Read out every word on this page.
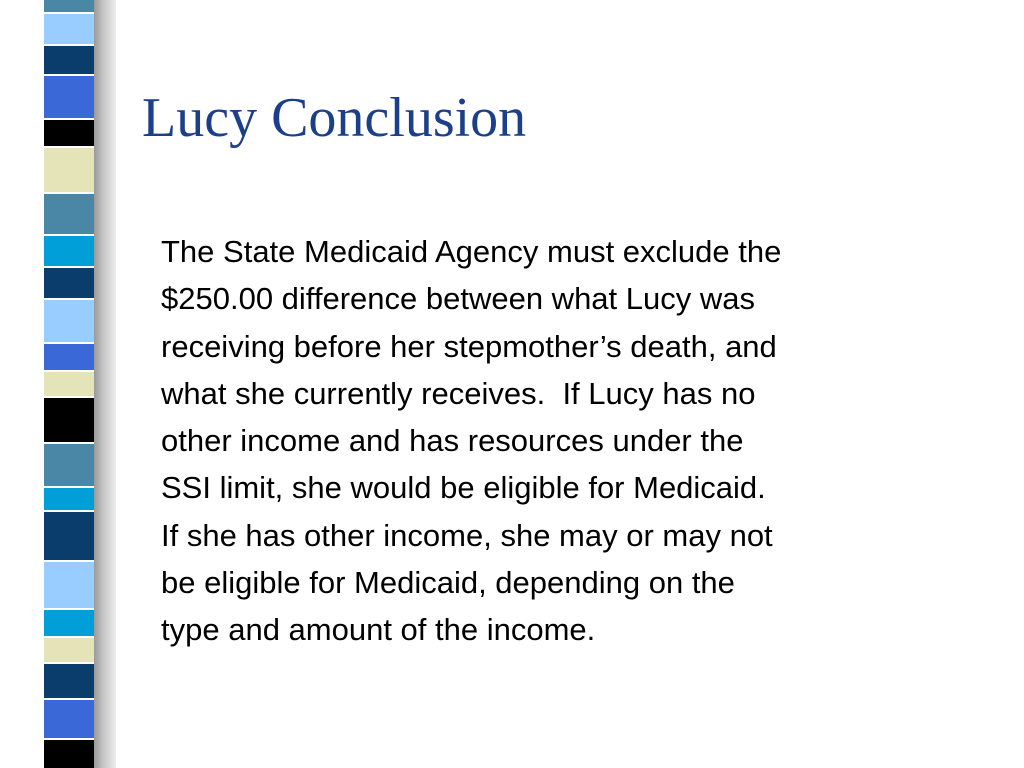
Lucy Conclusion
The State Medicaid Agency must exclude the
$250.00 difference between what Lucy was
receiving before her stepmother’s death, and
what she currently receives.  If Lucy has no
other income and has resources under the
SSI limit, she would be eligible for Medicaid.
If she has other income, she may or may not
be eligible for Medicaid, depending on the
type and amount of the income.
